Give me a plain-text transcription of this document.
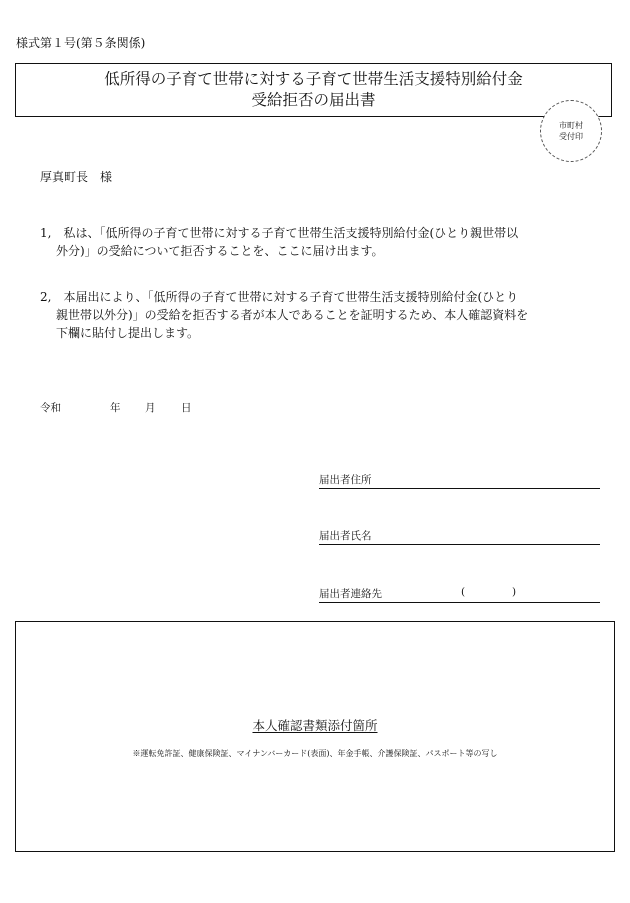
様式第１号(第５条関係)
低所得の子育て世帯に対する子育て世帯生活支援特別給付金
受給拒否の届出書
市町村
受付印
厚真町長　様
1,　 私は、「低所得の子育て世帯に対する子育て世帯生活支援特別給付金(ひとり親世帯以
外分)」の受給について拒否することを、ここに届け出ます。
2,　 本届出により、「低所得の子育て世帯に対する子育て世帯生活支援特別給付金(ひとり
親世帯以外分)」の受給を拒否する者が本人であることを証明するため、本人確認資料を
下欄に貼付し提出します。
令和	年 月 日
届出者住所
届出者氏名
届出者連絡先	(	)
本人確認書類添付箇所
※運転免許証、健康保険証、マイナンバーカード(表面)、年金手帳、介護保険証、パスポート等の写し
